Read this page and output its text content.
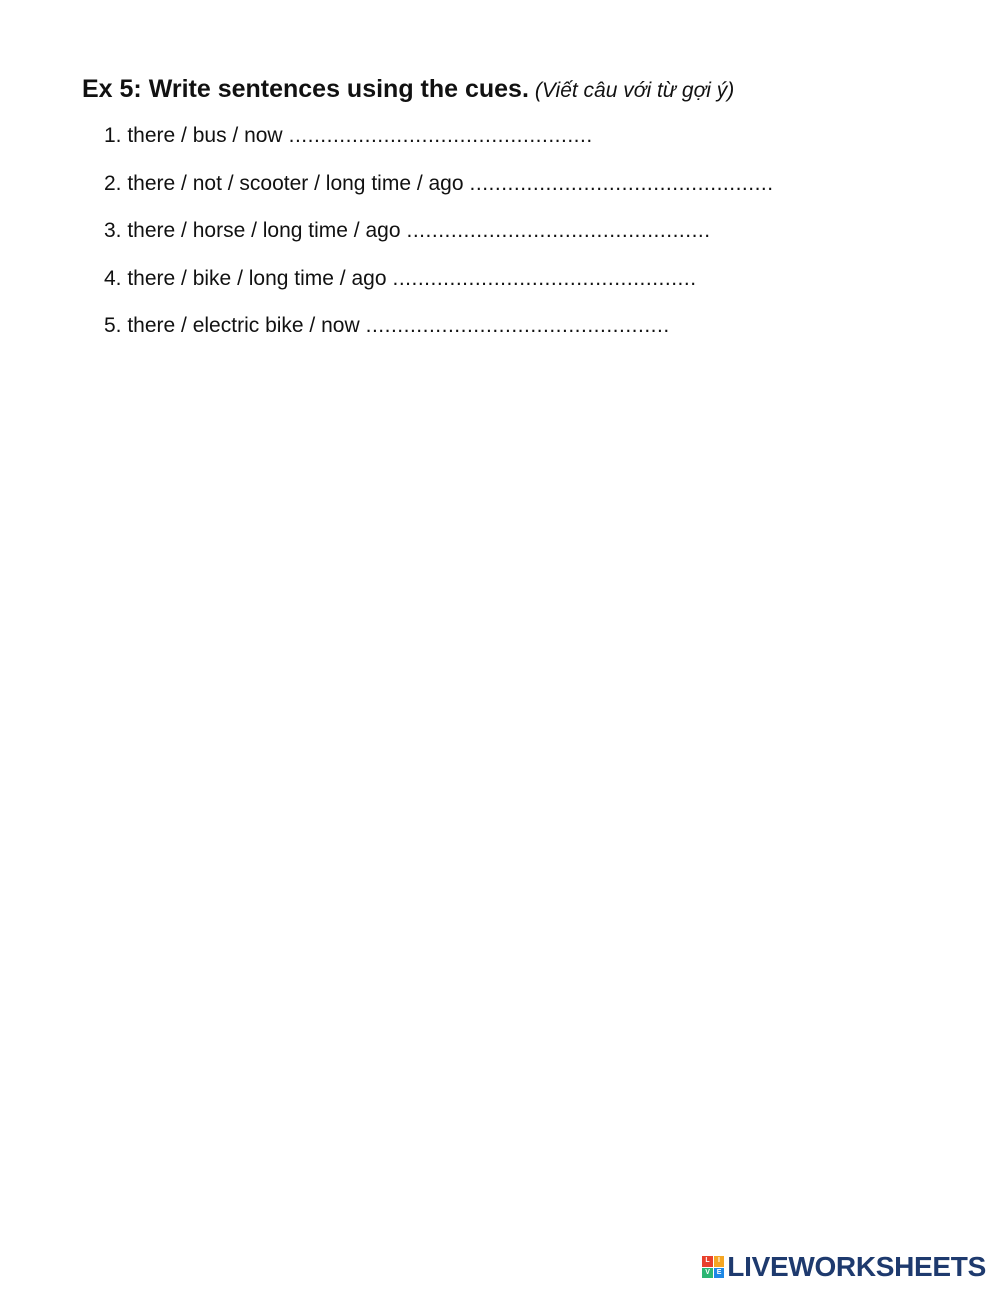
Ex 5: Write sentences using the cues. (Viết câu với từ gợi ý)
1. there / bus / now ................................................
2. there / not / scooter / long time / ago ................................................
3. there / horse / long time / ago ................................................
4. there / bike / long time / ago ................................................
5. there / electric bike / now ................................................
L	I
V E LIVEWORKSHEETS
